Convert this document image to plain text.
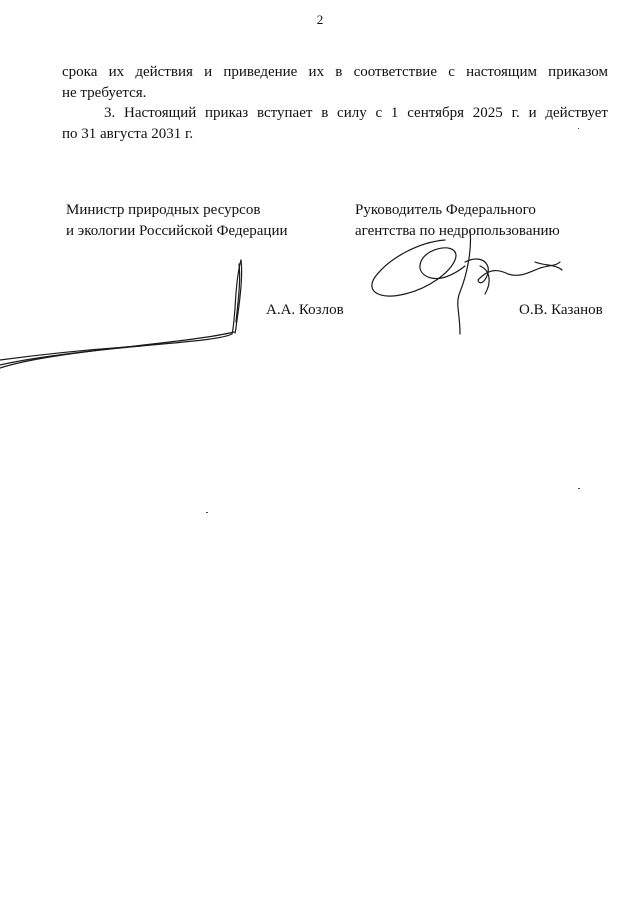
2
срока их действия и приведение их в соответствие с настоящим приказом
не требуется.
3. Настоящий приказ вступает в силу с 1 сентября 2025 г. и действует
по 31 августа 2031 г.
Министр природных ресурсов
и экологии Российской Федерации
Руководитель Федерального
агентства по недропользованию
А.А. Козлов	О.В. Казанов
